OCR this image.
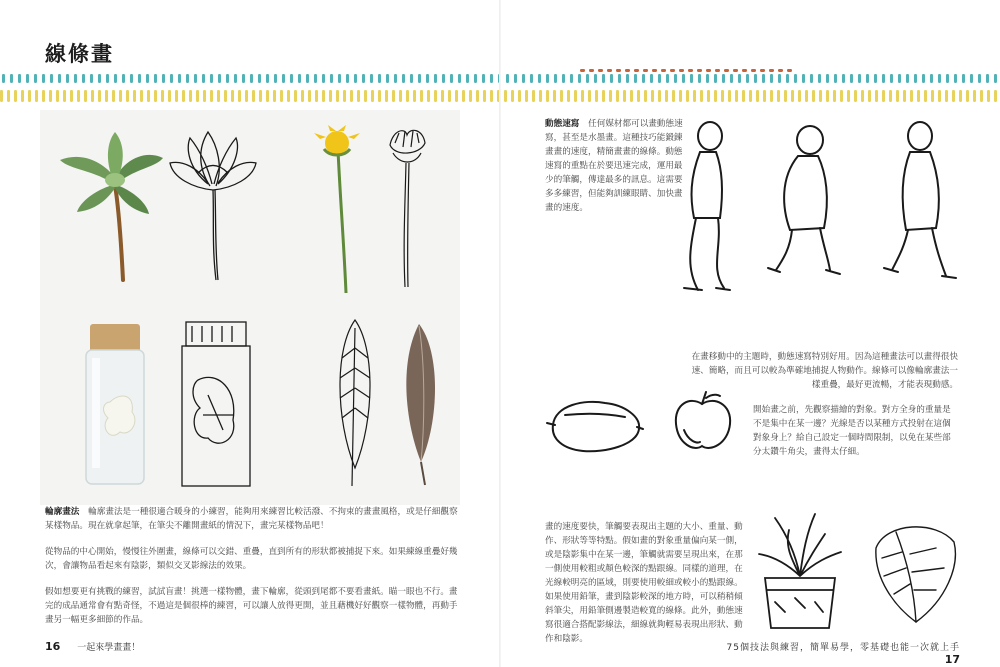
線條畫

輪廓畫法 輪廓畫法是一種很適合暖身的小練習，能夠用來練習比較活潑、不拘束的畫畫風格，或是仔細觀察某樣物品。現在就拿起筆，在筆尖不離開畫紙的情況下，畫完某樣物品吧！

從物品的中心開始，慢慢往外圍畫，線條可以交錯、重疊，直到所有的形狀都被捕捉下來。如果練線重疊好幾次，會讓物品看起來有陰影，類似交叉影線法的效果。

假如想要更有挑戰的練習，試試盲畫！挑選一樣物體，畫下輪廓，從頭到尾都不要看畫紙。瞄一眼也不行。畫完的成品通常會有點奇怪，不過這是個很棒的練習，可以讓人放得更開，並且藉機好好觀察一樣物體，再動手畫另一幅更多細節的作品。

16 一起來學畫畫！

動態速寫 任何媒材都可以畫動態速寫，甚至是水墨畫。這種技巧能鍛鍊畫畫的速度，精簡畫畫的線條。動態速寫的重點在於要迅速完成，運用最少的筆觸，傳達最多的訊息。這需要多多練習，但能夠訓練眼睛、加快畫畫的速度。

在畫移動中的主題時，動態速寫特別好用。因為這種畫法可以畫得很快速、簡略，而且可以較為準確地捕捉人物動作。線條可以像輪廓畫法一樣重疊，最好更流暢，才能表現動感。

開始畫之前，先觀察描繪的對象。對方全身的重量是不是集中在某一邊？光線是否以某種方式投射在這個對象身上？給自己設定一個時間限制，以免在某些部分太鑽牛角尖，畫得太仔細。

畫的速度要快，筆觸要表現出主題的大小、重量、動作、形狀等等特點。假如畫的對象重量偏向某一側，或是陰影集中在某一邊，筆觸就需要呈現出來，在那一側使用較粗或顏色較深的點跟線。同樣的道理，在光線較明亮的區域，則要使用較細或較小的點跟線。如果使用鉛筆，畫到陰影較深的地方時，可以稍稍傾斜筆尖，用鉛筆側邊製造較寬的線條。此外，動態速寫很適合搭配影線法，細線就夠輕易表現出形狀、動作和陰影。

75個技法與練習，簡單易學，零基礎也能一次就上手 17
